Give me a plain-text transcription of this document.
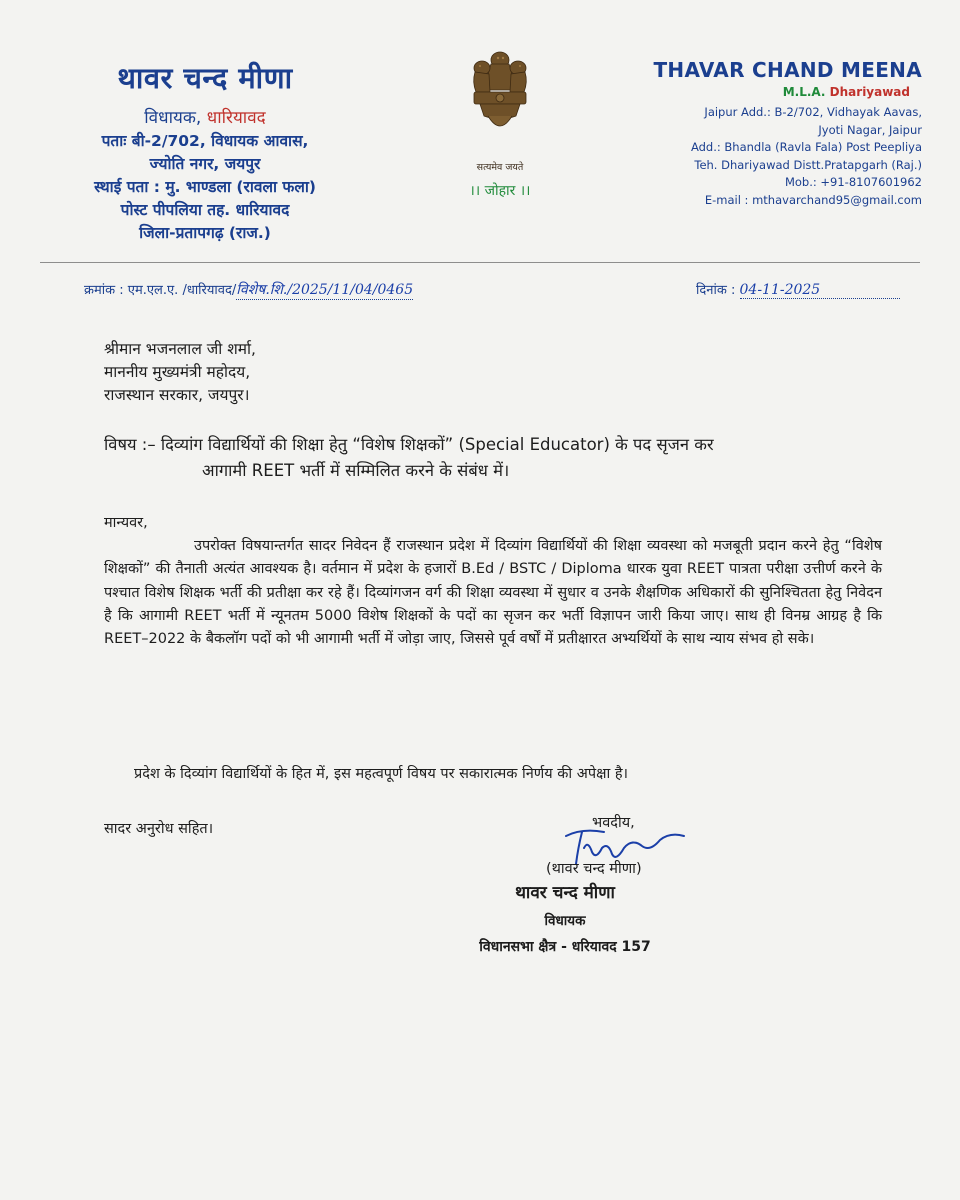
थावर चन्द मीणा
विधायक, धारियावद
पताः बी-2/702, विधायक आवास,
ज्योति नगर, जयपुर
स्थाई पता : मु. भाण्डला (रावला फला)
पोस्ट पीपलिया तह. धारियावद
जिला-प्रतापगढ़ (राज.)
सत्यमेव जयते
।। जोहार ।।
THAVAR CHAND MEENA
M.L.A. Dhariyawad
Jaipur Add.: B-2/702, Vidhayak Aavas,
Jyoti Nagar, Jaipur
Add.: Bhandla (Ravla Fala) Post Peepliya
Teh. Dhariyawad Distt.Pratapgarh (Raj.)
Mob.: +91-8107601962
E-mail : mthavarchand95@gmail.com
क्रमांक : एम.एल.ए. /धारियावद/विशेष.शि./2025/11/04/0465	दिनांक : 04-11-2025
श्रीमान भजनलाल जी शर्मा,
माननीय मुख्यमंत्री महोदय,
राजस्थान सरकार, जयपुर।
विषय :– दिव्यांग विद्यार्थियों की शिक्षा हेतु “विशेष शिक्षकों” (Special Educator) के पद सृजन कर
आगामी REET भर्ती में सम्मिलित करने के संबंध में।
मान्यवर,
उपरोक्त विषयान्तर्गत सादर निवेदन हैं राजस्थान प्रदेश में दिव्यांग विद्यार्थियों की शिक्षा व्यवस्था को मजबूती प्रदान करने हेतु “विशेष शिक्षकों” की तैनाती अत्यंत आवश्यक है। वर्तमान में प्रदेश के हजारों B.Ed / BSTC / Diploma धारक युवा REET पात्रता परीक्षा उत्तीर्ण करने के पश्चात विशेष शिक्षक भर्ती की प्रतीक्षा कर रहे हैं। दिव्यांगजन वर्ग की शिक्षा व्यवस्था में सुधार व उनके शैक्षणिक अधिकारों की सुनिश्चितता हेतु निवेदन है कि आगामी REET भर्ती में न्यूनतम 5000 विशेष शिक्षकों के पदों का सृजन कर भर्ती विज्ञापन जारी किया जाए। साथ ही विनम्र आग्रह है कि REET–2022 के बैकलॉग पदों को भी आगामी भर्ती में जोड़ा जाए, जिससे पूर्व वर्षों में प्रतीक्षारत अभ्यर्थियों के साथ न्याय संभव हो सके।
प्रदेश के दिव्यांग विद्यार्थियों के हित में, इस महत्वपूर्ण विषय पर सकारात्मक निर्णय की अपेक्षा है।
सादर अनुरोध सहित।	भवदीय,
(थावर चन्द मीणा)
थावर चन्द मीणा
विधायक
विधानसभा क्षैत्र - धरियावद 157
